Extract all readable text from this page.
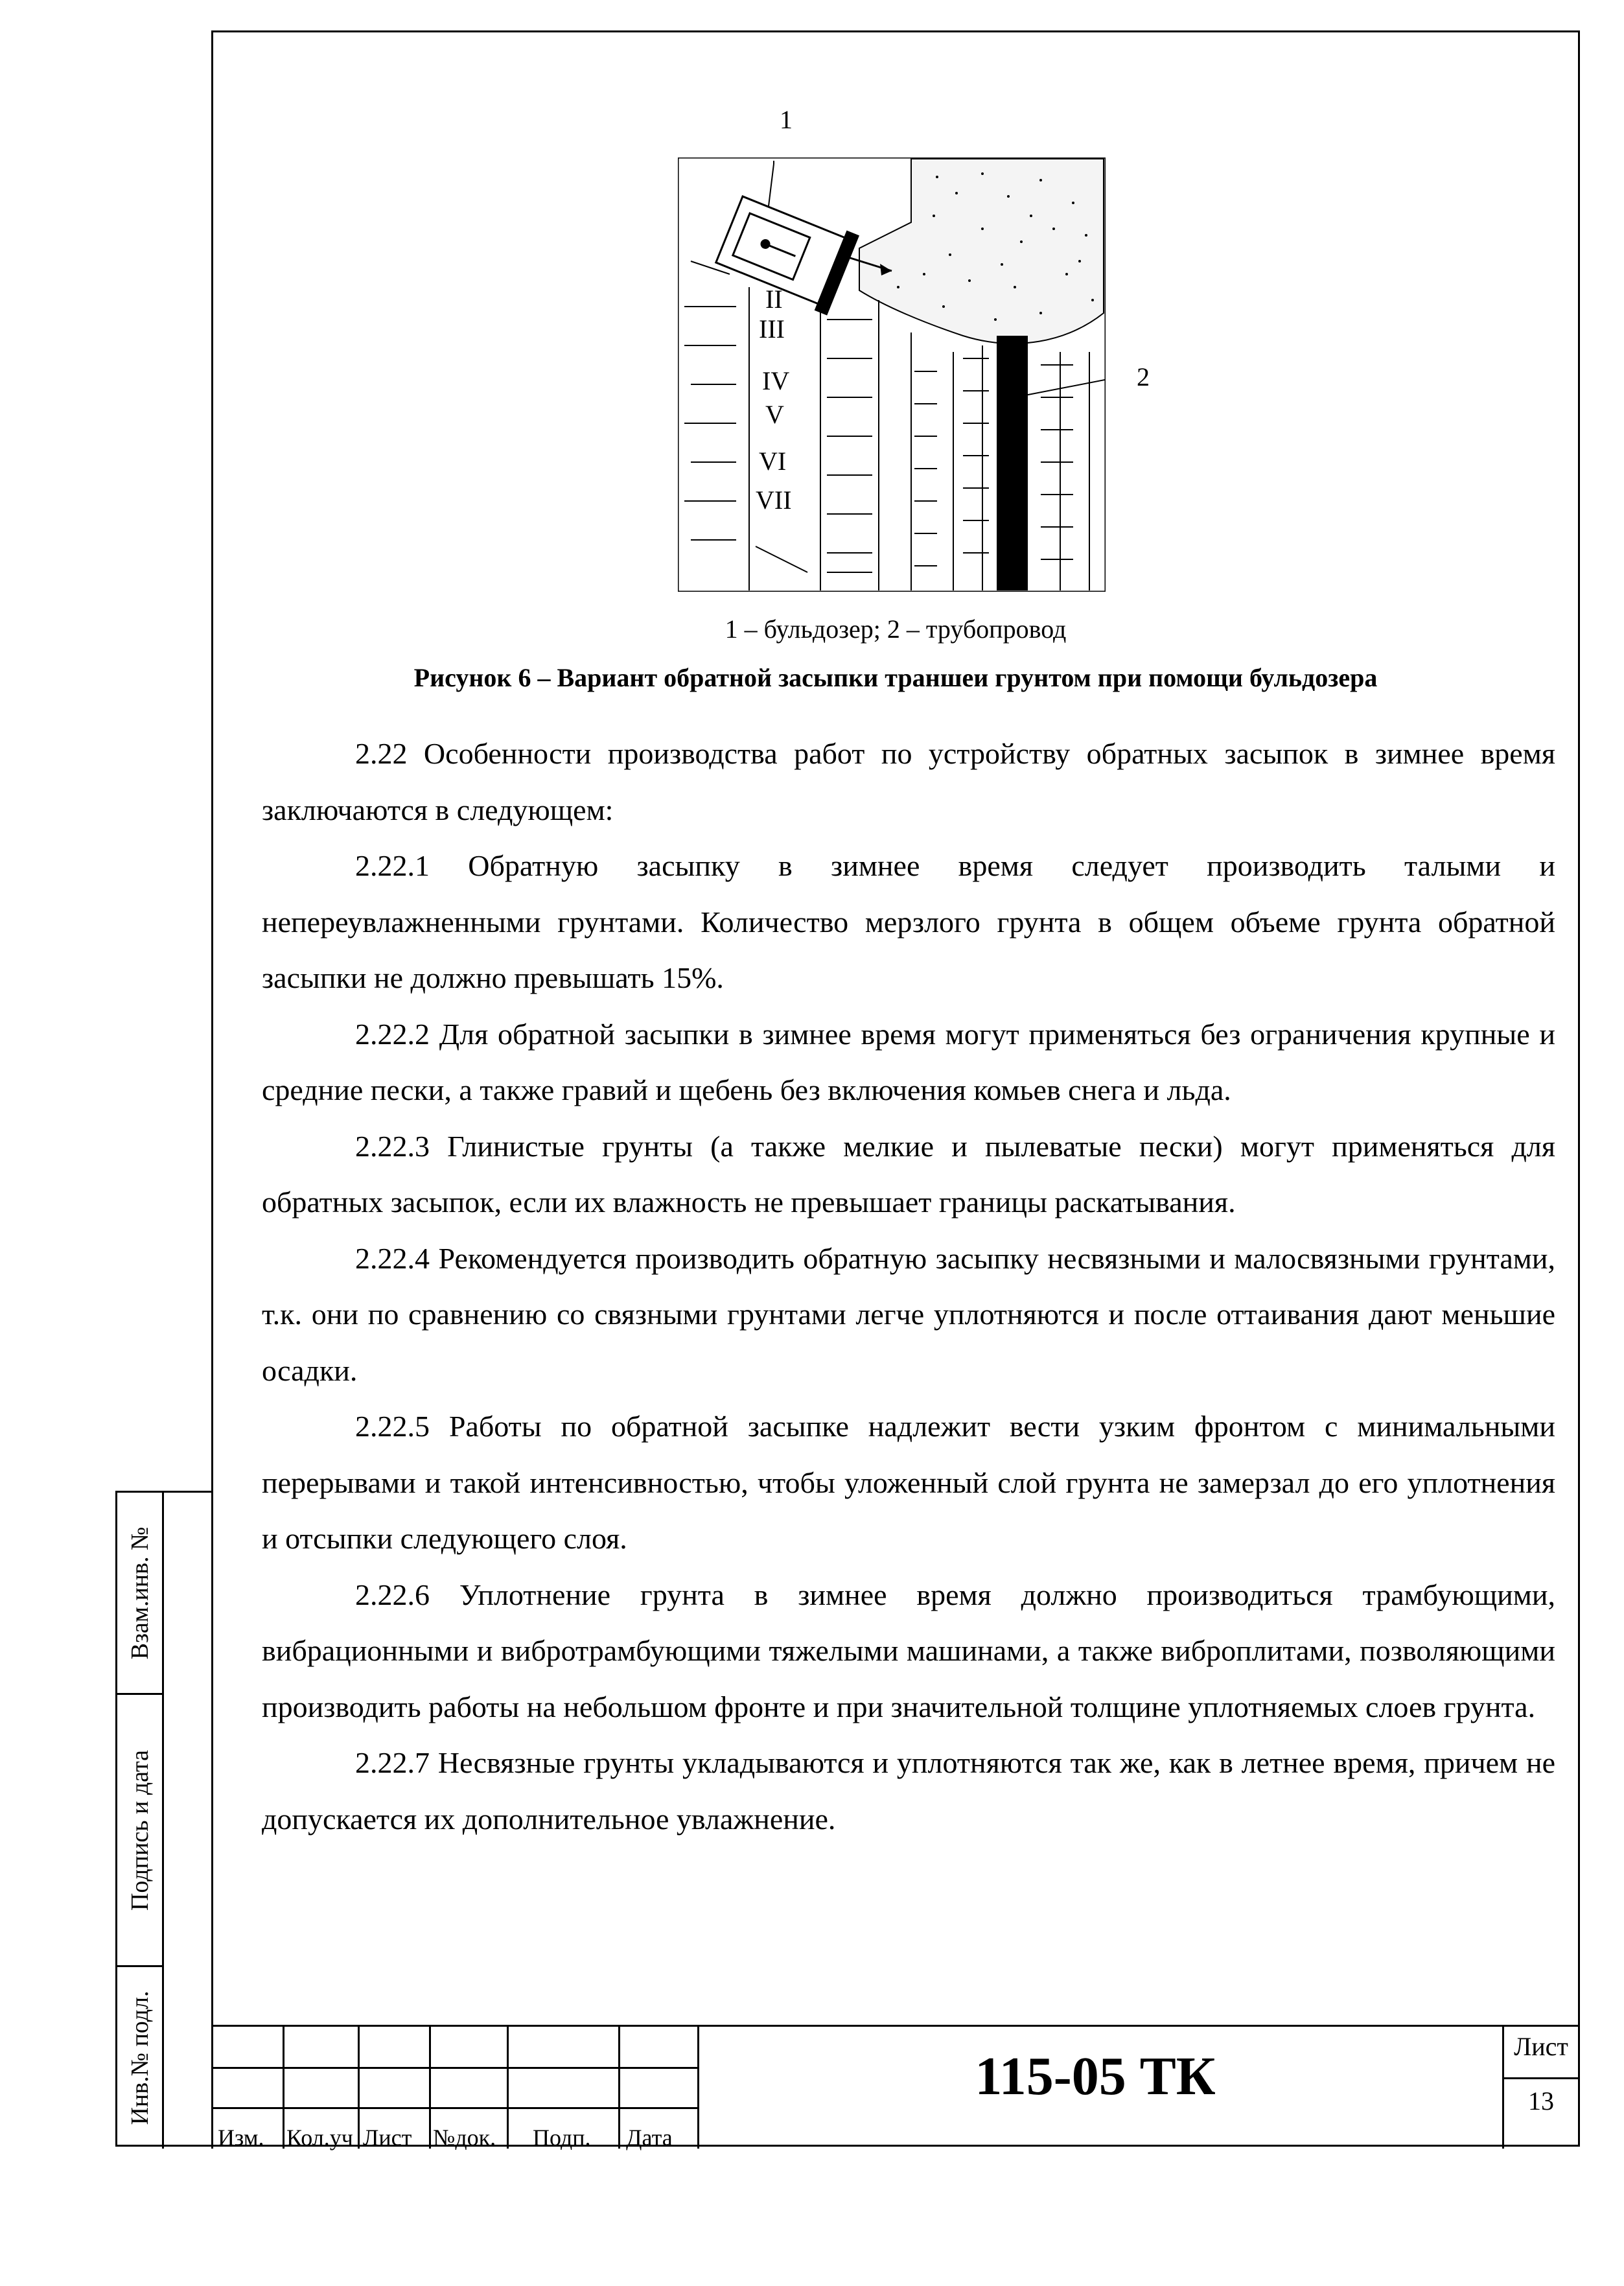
II
III
IV
V
VI
VII
1
2
1 – бульдозер; 2 – трубопровод
Рисунок 6 – Вариант обратной засыпки траншеи грунтом при помощи бульдозера

2.22 Особенности производства работ по устройству обратных засыпок в зимнее время заключаются в следующем:

2.22.1 Обратную засыпку в зимнее время следует производить талыми и непереувлажненными грунтами. Количество мерзлого грунта в общем объеме грунта обратной засыпки не должно превышать 15%.

2.22.2 Для обратной засыпки в зимнее время могут применяться без ограничения крупные и средние пески, а также гравий и щебень без включения комьев снега и льда.

2.22.3 Глинистые грунты (а также мелкие и пылеватые пески) могут применяться для обратных засыпок, если их влажность не превышает границы раскатывания.

2.22.4 Рекомендуется производить обратную засыпку несвязными и малосвязными грунтами, т.к. они по сравнению со связными грунтами легче уплотняются и после оттаивания дают меньшие осадки.

2.22.5 Работы по обратной засыпке надлежит вести узким фронтом с минимальными перерывами и такой интенсивностью, чтобы уложенный слой грунта не замерзал до его уплотнения и отсыпки следующего слоя.

2.22.6 Уплотнение грунта в зимнее время должно производиться трамбующими, вибрационными и вибротрамбующими тяжелыми машинами, а также виброплитами, позволяющими производить работы на небольшом фронте и при значительной толщине уплотняемых слоев грунта.

2.22.7 Несвязные грунты укладываются и уплотняются так же, как в летнее время, причем не допускается их дополнительное увлажнение.

Взам.инв. №
Подпись и дата
Инв.№ подл.
Изм. Кол.уч Лист №док. Подп. Дата
115-05 ТК	Лист
13
